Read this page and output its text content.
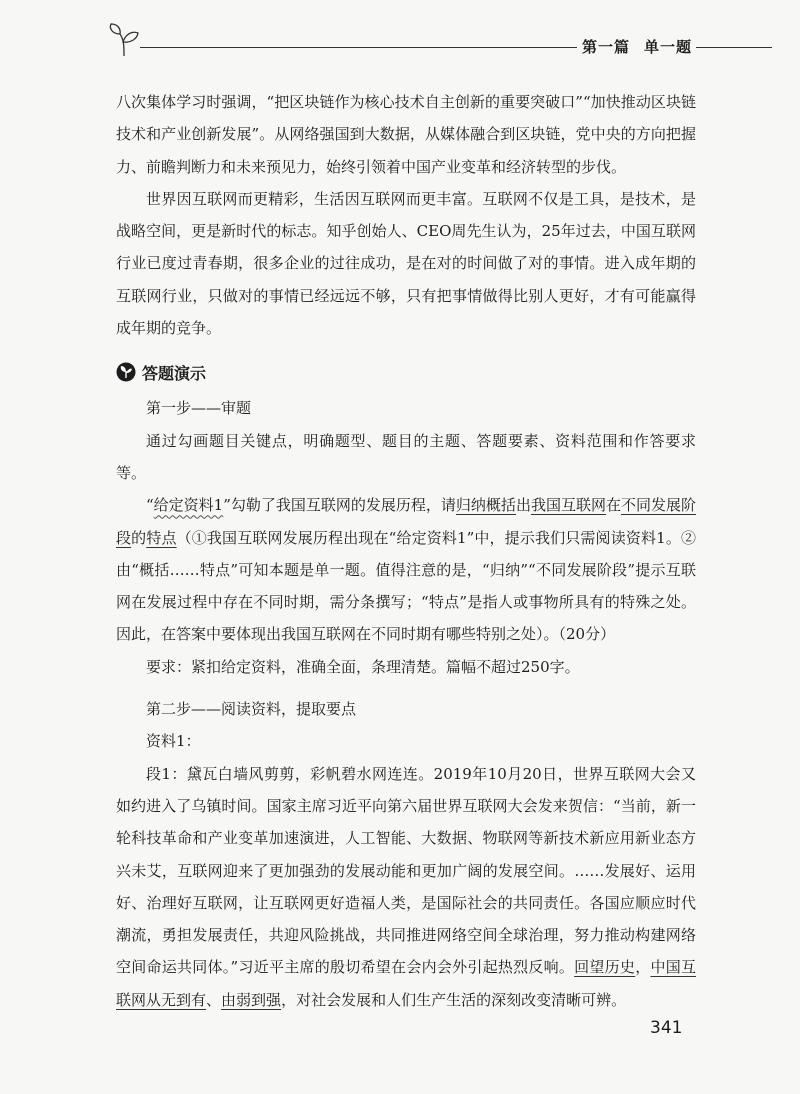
第一篇 单一题

八次集体学习时强调，“把区块链作为核心技术自主创新的重要突破口”“加快推动区块链技术和产业创新发展”。从网络强国到大数据，从媒体融合到区块链，党中央的方向把握力、前瞻判断力和未来预见力，始终引领着中国产业变革和经济转型的步伐。

世界因互联网而更精彩，生活因互联网而更丰富。互联网不仅是工具，是技术，是战略空间，更是新时代的标志。知乎创始人、CEO周先生认为，25年过去，中国互联网行业已度过青春期，很多企业的过往成功，是在对的时间做了对的事情。进入成年期的互联网行业，只做对的事情已经远远不够，只有把事情做得比别人更好，才有可能赢得成年期的竞争。

答题演示

第一步——审题

通过勾画题目关键点，明确题型、题目的主题、答题要素、资料范围和作答要求等。

“给定资料1”勾勒了我国互联网的发展历程，请归纳概括出我国互联网在不同发展阶段的特点（①我国互联网发展历程出现在“给定资料1”中，提示我们只需阅读资料1。②由“概括……特点”可知本题是单一题。值得注意的是，“归纳”“不同发展阶段”提示互联网在发展过程中存在不同时期，需分条撰写；“特点”是指人或事物所具有的特殊之处。因此，在答案中要体现出我国互联网在不同时期有哪些特别之处）。（20分）

要求：紧扣给定资料，准确全面，条理清楚。篇幅不超过250字。

第二步——阅读资料，提取要点

资料1：

段1：黛瓦白墙风剪剪，彩帆碧水网连连。2019年10月20日，世界互联网大会又如约进入了乌镇时间。国家主席习近平向第六届世界互联网大会发来贺信：“当前，新一轮科技革命和产业变革加速演进，人工智能、大数据、物联网等新技术新应用新业态方兴未艾，互联网迎来了更加强劲的发展动能和更加广阔的发展空间。……发展好、运用好、治理好互联网，让互联网更好造福人类，是国际社会的共同责任。各国应顺应时代潮流，勇担发展责任，共迎风险挑战，共同推进网络空间全球治理，努力推动构建网络空间命运共同体。”习近平主席的殷切希望在会内会外引起热烈反响。回望历史，中国互联网从无到有、由弱到强，对社会发展和人们生产生活的深刻改变清晰可辨。

341
